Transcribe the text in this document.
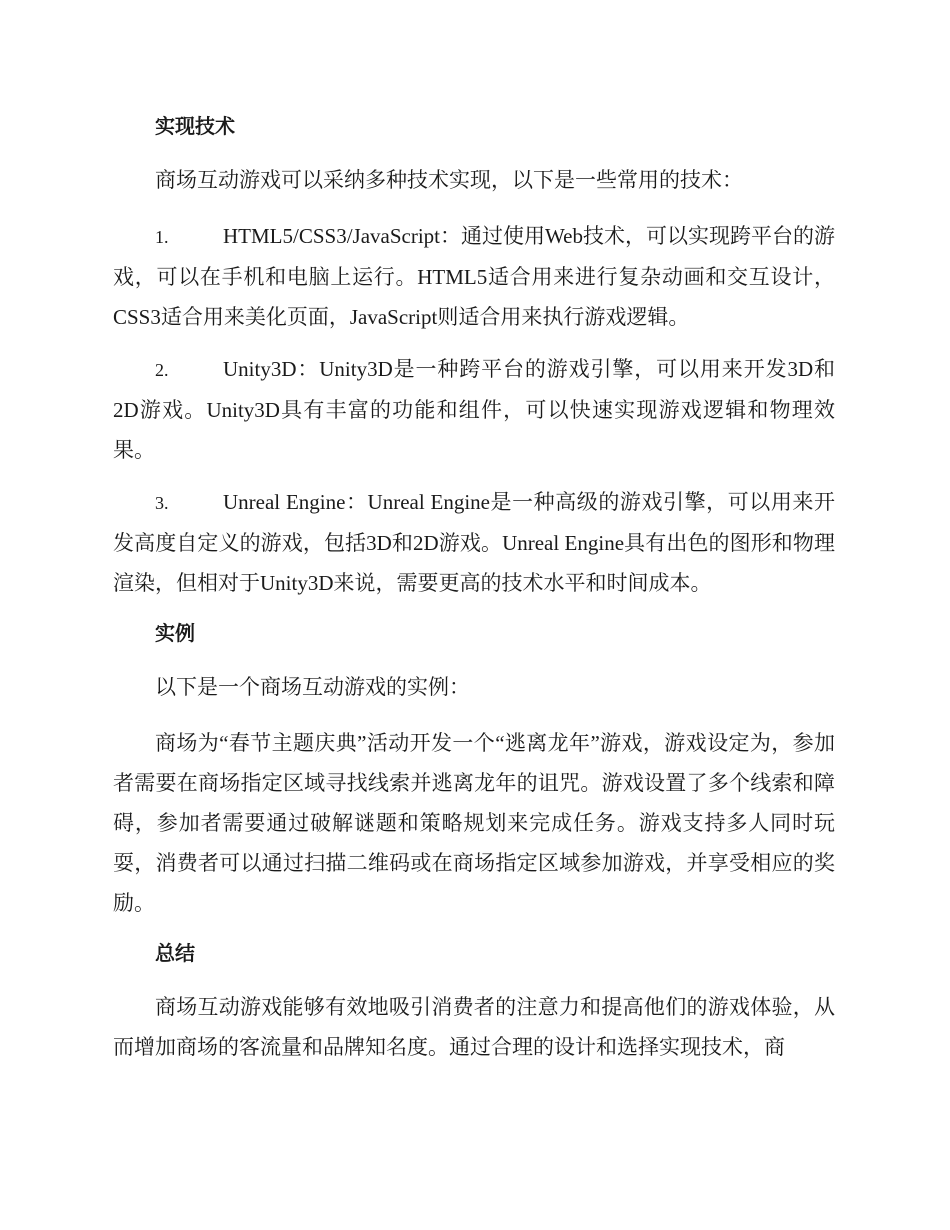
实现技术

商场互动游戏可以采纳多种技术实现，以下是一些常用的技术：

1.	HTML5/CSS3/JavaScript：通过使用Web技术，可以实现跨平台的游戏，可以在手机和电脑上运行。HTML5适合用来进行复杂动画和交互设计，CSS3适合用来美化页面，JavaScript则适合用来执行游戏逻辑。

2.	Unity3D：Unity3D是一种跨平台的游戏引擎，可以用来开发3D和2D游戏。Unity3D具有丰富的功能和组件，可以快速实现游戏逻辑和物理效果。

3.	Unreal Engine：Unreal Engine是一种高级的游戏引擎，可以用来开发高度自定义的游戏，包括3D和2D游戏。Unreal Engine具有出色的图形和物理渲染，但相对于Unity3D来说，需要更高的技术水平和时间成本。

实例

以下是一个商场互动游戏的实例：

商场为“春节主题庆典”活动开发一个“逃离龙年”游戏，游戏设定为，参加者需要在商场指定区域寻找线索并逃离龙年的诅咒。游戏设置了多个线索和障碍，参加者需要通过破解谜题和策略规划来完成任务。游戏支持多人同时玩耍，消费者可以通过扫描二维码或在商场指定区域参加游戏，并享受相应的奖励。

总结

商场互动游戏能够有效地吸引消费者的注意力和提高他们的游戏体验，从而增加商场的客流量和品牌知名度。通过合理的设计和选择实现技术，商
